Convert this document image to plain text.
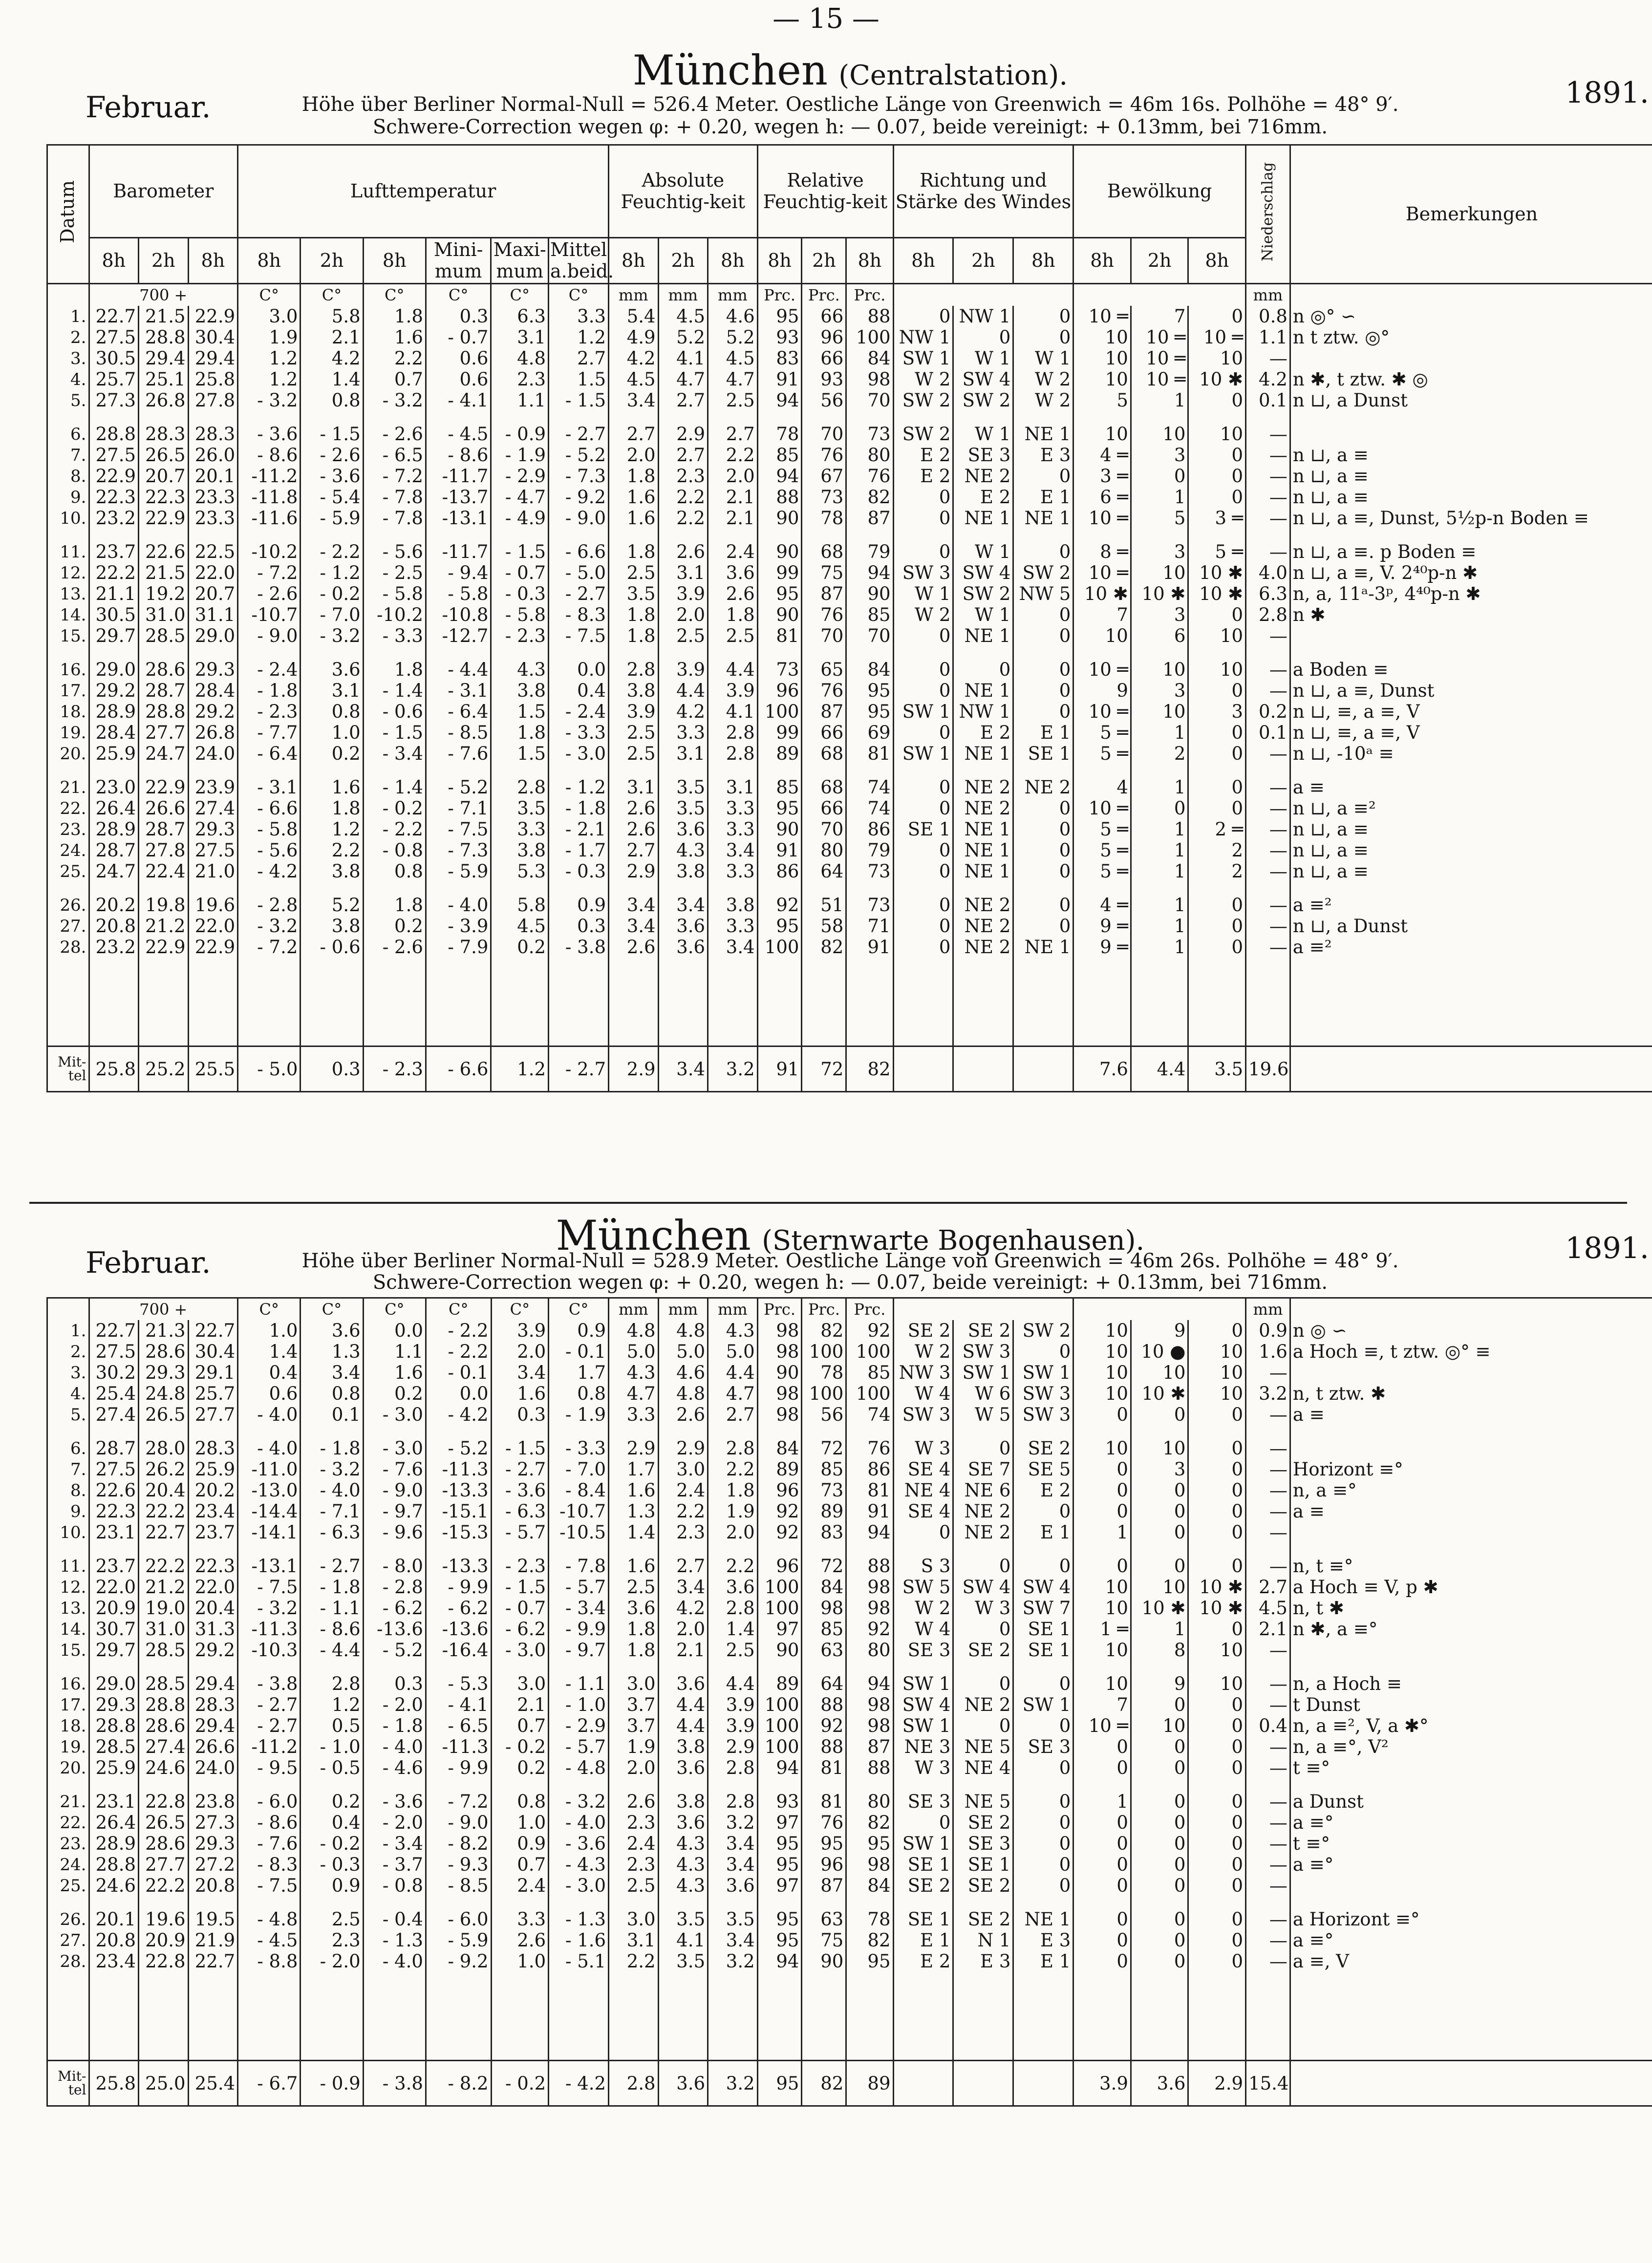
— 15 —
München (Centralstation).
Februar.	1891.
Höhe über Berliner Normal-Null = 526.4 Meter. Oestliche Länge von Greenwich = 46m 16s. Polhöhe = 48° 9′.
Schwere-Correction wegen φ: + 0.20, wegen h: — 0.07, beide vereinigt: + 0.13mm, bei 716mm.
Datum	Barometer			Lufttemperatur						Absolute Feuchtig-keit			Relative Feuchtig-keit			Richtung und Stärke des Windes			Bewölkung			Niederschlag	Bemerkungen
	8h	2h	8h	8h	2h	8h	Mini-mum	Maxi-mum	Mittel a.beid.	8h	2h	8h	8h	2h	8h	8h	2h	8h	8h	2h	8h		
	700 +			C°	C°	C°	C°	C°	C°	mm	mm	mm	Prc.	Prc.	Prc.							mm	
1.	22.7	21.5	22.9	3.0	5.8	1.8	0.3	6.3	3.3	5.4	4.5	4.6	95	66	88	0	NW 1	0	10 ═	7	0	0.8	n ◎° ∽
2.	27.5	28.8	30.4	1.9	2.1	1.6	- 0.7	3.1	1.2	4.9	5.2	5.2	93	96	100	NW 1	0	0	10	10 ═	10 ═	1.1	n t ztw. ◎°
3.	30.5	29.4	29.4	1.2	4.2	2.2	0.6	4.8	2.7	4.2	4.1	4.5	83	66	84	SW 1	W 1	W 1	10	10 ═	10	—	
4.	25.7	25.1	25.8	1.2	1.4	0.7	0.6	2.3	1.5	4.5	4.7	4.7	91	93	98	W 2	SW 4	W 2	10	10 ═	10 ✱	4.2	n ✱, t ztw. ✱ ◎
5.	27.3	26.8	27.8	- 3.2	0.8	- 3.2	- 4.1	1.1	- 1.5	3.4	2.7	2.5	94	56	70	SW 2	SW 2	W 2	5	1	0	0.1	n ⊔, a Dunst

6.	28.8	28.3	28.3	- 3.6	- 1.5	- 2.6	- 4.5	- 0.9	- 2.7	2.7	2.9	2.7	78	70	73	SW 2	W 1	NE 1	10	10	10	—	
7.	27.5	26.5	26.0	- 8.6	- 2.6	- 6.5	- 8.6	- 1.9	- 5.2	2.0	2.7	2.2	85	76	80	E 2	SE 3	E 3	4 ═	3	0	—	n ⊔, a ≡
8.	22.9	20.7	20.1	-11.2	- 3.6	- 7.2	-11.7	- 2.9	- 7.3	1.8	2.3	2.0	94	67	76	E 2	NE 2	0	3 ═	0	0	—	n ⊔, a ≡
9.	22.3	22.3	23.3	-11.8	- 5.4	- 7.8	-13.7	- 4.7	- 9.2	1.6	2.2	2.1	88	73	82	0	E 2	E 1	6 ═	1	0	—	n ⊔, a ≡
10.	23.2	22.9	23.3	-11.6	- 5.9	- 7.8	-13.1	- 4.9	- 9.0	1.6	2.2	2.1	90	78	87	0	NE 1	NE 1	10 ═	5	3 ═	—	n ⊔, a ≡, Dunst, 5½p-n Boden ≡

11.	23.7	22.6	22.5	-10.2	- 2.2	- 5.6	-11.7	- 1.5	- 6.6	1.8	2.6	2.4	90	68	79	0	W 1	0	8 ═	3	5 ═	—	n ⊔, a ≡. p Boden ≡
12.	22.2	21.5	22.0	- 7.2	- 1.2	- 2.5	- 9.4	- 0.7	- 5.0	2.5	3.1	3.6	99	75	94	SW 3	SW 4	SW 2	10 ═	10	10 ✱	4.0	n ⊔, a ≡, V. 2⁴⁰p-n ✱
13.	21.1	19.2	20.7	- 2.6	- 0.2	- 5.8	- 5.8	- 0.3	- 2.7	3.5	3.9	2.6	95	87	90	W 1	SW 2	NW 5	10 ✱	10 ✱	10 ✱	6.3	n, a, 11ᵃ-3ᵖ, 4⁴⁰p-n ✱
14.	30.5	31.0	31.1	-10.7	- 7.0	-10.2	-10.8	- 5.8	- 8.3	1.8	2.0	1.8	90	76	85	W 2	W 1	0	7	3	0	2.8	n ✱
15.	29.7	28.5	29.0	- 9.0	- 3.2	- 3.3	-12.7	- 2.3	- 7.5	1.8	2.5	2.5	81	70	70	0	NE 1	0	10	6	10	—	

16.	29.0	28.6	29.3	- 2.4	3.6	1.8	- 4.4	4.3	0.0	2.8	3.9	4.4	73	65	84	0	0	0	10 ═	10	10	—	a Boden ≡
17.	29.2	28.7	28.4	- 1.8	3.1	- 1.4	- 3.1	3.8	0.4	3.8	4.4	3.9	96	76	95	0	NE 1	0	9	3	0	—	n ⊔, a ≡, Dunst
18.	28.9	28.8	29.2	- 2.3	0.8	- 0.6	- 6.4	1.5	- 2.4	3.9	4.2	4.1	100	87	95	SW 1	NW 1	0	10 ═	10	3	0.2	n ⊔, ≡, a ≡, V
19.	28.4	27.7	26.8	- 7.7	1.0	- 1.5	- 8.5	1.8	- 3.3	2.5	3.3	2.8	99	66	69	0	E 2	E 1	5 ═	1	0	0.1	n ⊔, ≡, a ≡, V
20.	25.9	24.7	24.0	- 6.4	0.2	- 3.4	- 7.6	1.5	- 3.0	2.5	3.1	2.8	89	68	81	SW 1	NE 1	SE 1	5 ═	2	0	—	n ⊔, -10ᵃ ≡

21.	23.0	22.9	23.9	- 3.1	1.6	- 1.4	- 5.2	2.8	- 1.2	3.1	3.5	3.1	85	68	74	0	NE 2	NE 2	4	1	0	—	a ≡
22.	26.4	26.6	27.4	- 6.6	1.8	- 0.2	- 7.1	3.5	- 1.8	2.6	3.5	3.3	95	66	74	0	NE 2	0	10 ═	0	0	—	n ⊔, a ≡²
23.	28.9	28.7	29.3	- 5.8	1.2	- 2.2	- 7.5	3.3	- 2.1	2.6	3.6	3.3	90	70	86	SE 1	NE 1	0	5 ═	1	2 ═	—	n ⊔, a ≡
24.	28.7	27.8	27.5	- 5.6	2.2	- 0.8	- 7.3	3.8	- 1.7	2.7	4.3	3.4	91	80	79	0	NE 1	0	5 ═	1	2	—	n ⊔, a ≡
25.	24.7	22.4	21.0	- 4.2	3.8	0.8	- 5.9	5.3	- 0.3	2.9	3.8	3.3	86	64	73	0	NE 1	0	5 ═	1	2	—	n ⊔, a ≡

26.	20.2	19.8	19.6	- 2.8	5.2	1.8	- 4.0	5.8	0.9	3.4	3.4	3.8	92	51	73	0	NE 2	0	4 ═	1	0	—	a ≡²
27.	20.8	21.2	22.0	- 3.2	3.8	0.2	- 3.9	4.5	0.3	3.4	3.6	3.3	95	58	71	0	NE 2	0	9 ═	1	0	—	n ⊔, a Dunst
28.	23.2	22.9	22.9	- 7.2	- 0.6	- 2.6	- 7.9	0.2	- 3.8	2.6	3.6	3.4	100	82	91	0	NE 2	NE 1	9 ═	1	0	—	a ≡²

Mit-tel	25.8	25.2	25.5	- 5.0	0.3	- 2.3	- 6.6	1.2	- 2.7	2.9	3.4	3.2	91	72	82				7.6	4.4	3.5	19.6	
München (Sternwarte Bogenhausen).
Februar.	1891.
Höhe über Berliner Normal-Null = 528.9 Meter. Oestliche Länge von Greenwich = 46m 26s. Polhöhe = 48° 9′.
Schwere-Correction wegen φ: + 0.20, wegen h: — 0.07, beide vereinigt: + 0.13mm, bei 716mm.
	700 +			C°	C°	C°	C°	C°	C°	mm	mm	mm	Prc.	Prc.	Prc.							mm	
1.	22.7	21.3	22.7	1.0	3.6	0.0	- 2.2	3.9	0.9	4.8	4.8	4.3	98	82	92	SE 2	SE 2	SW 2	10	9	0	0.9	n ◎ ∽
2.	27.5	28.6	30.4	1.4	1.3	1.1	- 2.2	2.0	- 0.1	5.0	5.0	5.0	98	100	100	W 2	SW 3	0	10	10 ●	10	1.6	a Hoch ≡, t ztw. ◎° ≡
3.	30.2	29.3	29.1	0.4	3.4	1.6	- 0.1	3.4	1.7	4.3	4.6	4.4	90	78	85	NW 3	SW 1	SW 1	10	10	10	—	
4.	25.4	24.8	25.7	0.6	0.8	0.2	0.0	1.6	0.8	4.7	4.8	4.7	98	100	100	W 4	W 6	SW 3	10	10 ✱	10	3.2	n, t ztw. ✱
5.	27.4	26.5	27.7	- 4.0	0.1	- 3.0	- 4.2	0.3	- 1.9	3.3	2.6	2.7	98	56	74	SW 3	W 5	SW 3	0	0	0	—	a ≡

6.	28.7	28.0	28.3	- 4.0	- 1.8	- 3.0	- 5.2	- 1.5	- 3.3	2.9	2.9	2.8	84	72	76	W 3	0	SE 2	10	10	0	—	
7.	27.5	26.2	25.9	-11.0	- 3.2	- 7.6	-11.3	- 2.7	- 7.0	1.7	3.0	2.2	89	85	86	SE 4	SE 7	SE 5	0	3	0	—	Horizont ≡°
8.	22.6	20.4	20.2	-13.0	- 4.0	- 9.0	-13.3	- 3.6	- 8.4	1.6	2.4	1.8	96	73	81	NE 4	NE 6	E 2	0	0	0	—	n, a ≡°
9.	22.3	22.2	23.4	-14.4	- 7.1	- 9.7	-15.1	- 6.3	-10.7	1.3	2.2	1.9	92	89	91	SE 4	NE 2	0	0	0	0	—	a ≡
10.	23.1	22.7	23.7	-14.1	- 6.3	- 9.6	-15.3	- 5.7	-10.5	1.4	2.3	2.0	92	83	94	0	NE 2	E 1	1	0	0	—	

11.	23.7	22.2	22.3	-13.1	- 2.7	- 8.0	-13.3	- 2.3	- 7.8	1.6	2.7	2.2	96	72	88	S 3	0	0	0	0	0	—	n, t ≡°
12.	22.0	21.2	22.0	- 7.5	- 1.8	- 2.8	- 9.9	- 1.5	- 5.7	2.5	3.4	3.6	100	84	98	SW 5	SW 4	SW 4	10	10	10 ✱	2.7	a Hoch ≡ V, p ✱
13.	20.9	19.0	20.4	- 3.2	- 1.1	- 6.2	- 6.2	- 0.7	- 3.4	3.6	4.2	2.8	100	98	98	W 2	W 3	SW 7	10	10 ✱	10 ✱	4.5	n, t ✱
14.	30.7	31.0	31.3	-11.3	- 8.6	-13.6	-13.6	- 6.2	- 9.9	1.8	2.0	1.4	97	85	92	W 4	0	SE 1	1 ═	1	0	2.1	n ✱, a ≡°
15.	29.7	28.5	29.2	-10.3	- 4.4	- 5.2	-16.4	- 3.0	- 9.7	1.8	2.1	2.5	90	63	80	SE 3	SE 2	SE 1	10	8	10	—	

16.	29.0	28.5	29.4	- 3.8	2.8	0.3	- 5.3	3.0	- 1.1	3.0	3.6	4.4	89	64	94	SW 1	0	0	10	9	10	—	n, a Hoch ≡
17.	29.3	28.8	28.3	- 2.7	1.2	- 2.0	- 4.1	2.1	- 1.0	3.7	4.4	3.9	100	88	98	SW 4	NE 2	SW 1	7	0	0	—	t Dunst
18.	28.8	28.6	29.4	- 2.7	0.5	- 1.8	- 6.5	0.7	- 2.9	3.7	4.4	3.9	100	92	98	SW 1	0	0	10 ═	10	0	0.4	n, a ≡², V, a ✱°
19.	28.5	27.4	26.6	-11.2	- 1.0	- 4.0	-11.3	- 0.2	- 5.7	1.9	3.8	2.9	100	88	87	NE 3	NE 5	SE 3	0	0	0	—	n, a ≡°, V²
20.	25.9	24.6	24.0	- 9.5	- 0.5	- 4.6	- 9.9	0.2	- 4.8	2.0	3.6	2.8	94	81	88	W 3	NE 4	0	0	0	0	—	t ≡°

21.	23.1	22.8	23.8	- 6.0	0.2	- 3.6	- 7.2	0.8	- 3.2	2.6	3.8	2.8	93	81	80	SE 3	NE 5	0	1	0	0	—	a Dunst
22.	26.4	26.5	27.3	- 8.6	0.4	- 2.0	- 9.0	1.0	- 4.0	2.3	3.6	3.2	97	76	82	0	SE 2	0	0	0	0	—	a ≡°
23.	28.9	28.6	29.3	- 7.6	- 0.2	- 3.4	- 8.2	0.9	- 3.6	2.4	4.3	3.4	95	95	95	SW 1	SE 3	0	0	0	0	—	t ≡°
24.	28.8	27.7	27.2	- 8.3	- 0.3	- 3.7	- 9.3	0.7	- 4.3	2.3	4.3	3.4	95	96	98	SE 1	SE 1	0	0	0	0	—	a ≡°
25.	24.6	22.2	20.8	- 7.5	0.9	- 0.8	- 8.5	2.4	- 3.0	2.5	4.3	3.6	97	87	84	SE 2	SE 2	0	0	0	0	—	

26.	20.1	19.6	19.5	- 4.8	2.5	- 0.4	- 6.0	3.3	- 1.3	3.0	3.5	3.5	95	63	78	SE 1	SE 2	NE 1	0	0	0	—	a Horizont ≡°
27.	20.8	20.9	21.9	- 4.5	2.3	- 1.3	- 5.9	2.6	- 1.6	3.1	4.1	3.4	95	75	82	E 1	N 1	E 3	0	0	0	—	a ≡°
28.	23.4	22.8	22.7	- 8.8	- 2.0	- 4.0	- 9.2	1.0	- 5.1	2.2	3.5	3.2	94	90	95	E 2	E 3	E 1	0	0	0	—	a ≡, V

Mit-tel	25.8	25.0	25.4	- 6.7	- 0.9	- 3.8	- 8.2	- 0.2	- 4.2	2.8	3.6	3.2	95	82	89				3.9	3.6	2.9	15.4	
